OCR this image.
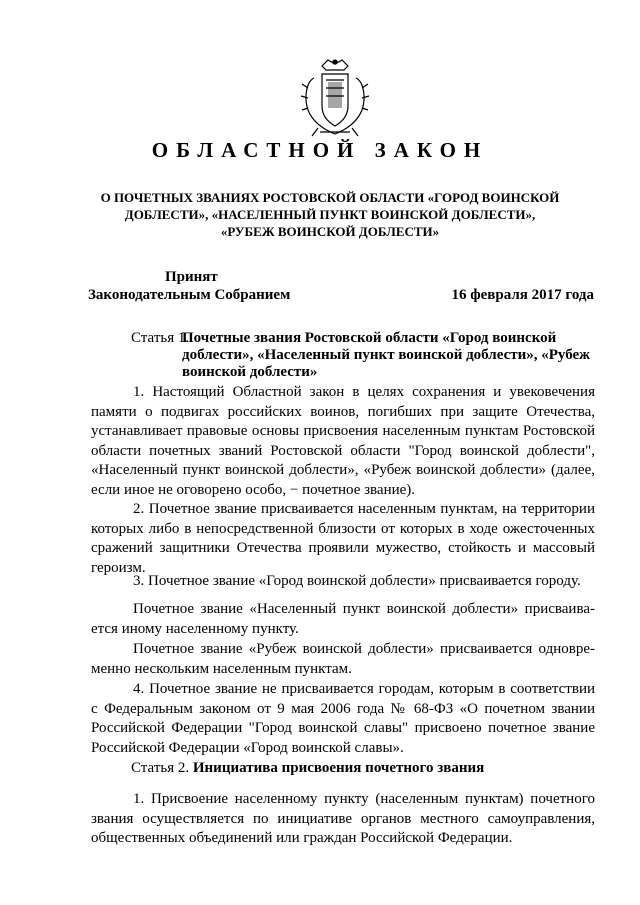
ОБЛАСТНОЙ ЗАКОН
О ПОЧЕТНЫХ ЗВАНИЯХ РОСТОВСКОЙ ОБЛАСТИ «ГОРОД ВОИНСКОЙ ДОБЛЕСТИ», «НАСЕЛЕННЫЙ ПУНКТ ВОИНСКОЙ ДОБЛЕСТИ», «РУБЕЖ ВОИНСКОЙ ДОБЛЕСТИ»
Принят
Законодательным Собранием	16 февраля 2017 года
Статья 1.
Почетные звания Ростовской области «Город воинской доблести», «Населенный пункт воинской доблести», «Рубеж воинской доблести»

1. Настоящий Областной закон в целях сохранения и увековечения памяти о подвигах российских воинов, погибших при защите Отечества, устанавливает правовые основы присвоения населенным пунктам Ростовской области почетных званий Ростовской области "Город воинской доблести", «Населенный пункт воинской доблести», «Рубеж воинской доблести» (далее, если иное не оговорено особо, − почетное звание).

2. Почетное звание присваивается населенным пунктам, на территории которых либо в непосредственной близости от которых в ходе ожесточенных сражений защитники Отечества проявили мужество, стойкость и массовый героизм.

3. Почетное звание «Город воинской доблести» присваивается городу.

Почетное звание «Населенный пункт воинской доблести» присваива-ется иному населенному пункту.

Почетное звание «Рубеж воинской доблести» присваивается одновре-менно нескольким населенным пунктам.

4. Почетное звание не присваивается городам, которым в соответствии с Федеральным законом от 9 мая 2006 года № 68-ФЗ «О почетном звании Российской Федерации "Город воинской славы" присвоено почетное звание Российской Федерации «Город воинской славы».

Статья 2. Инициатива присвоения почетного звания

1. Присвоение населенному пункту (населенным пунктам) почетного звания осуществляется по инициативе органов местного самоуправления, общественных объединений или граждан Российской Федерации.
